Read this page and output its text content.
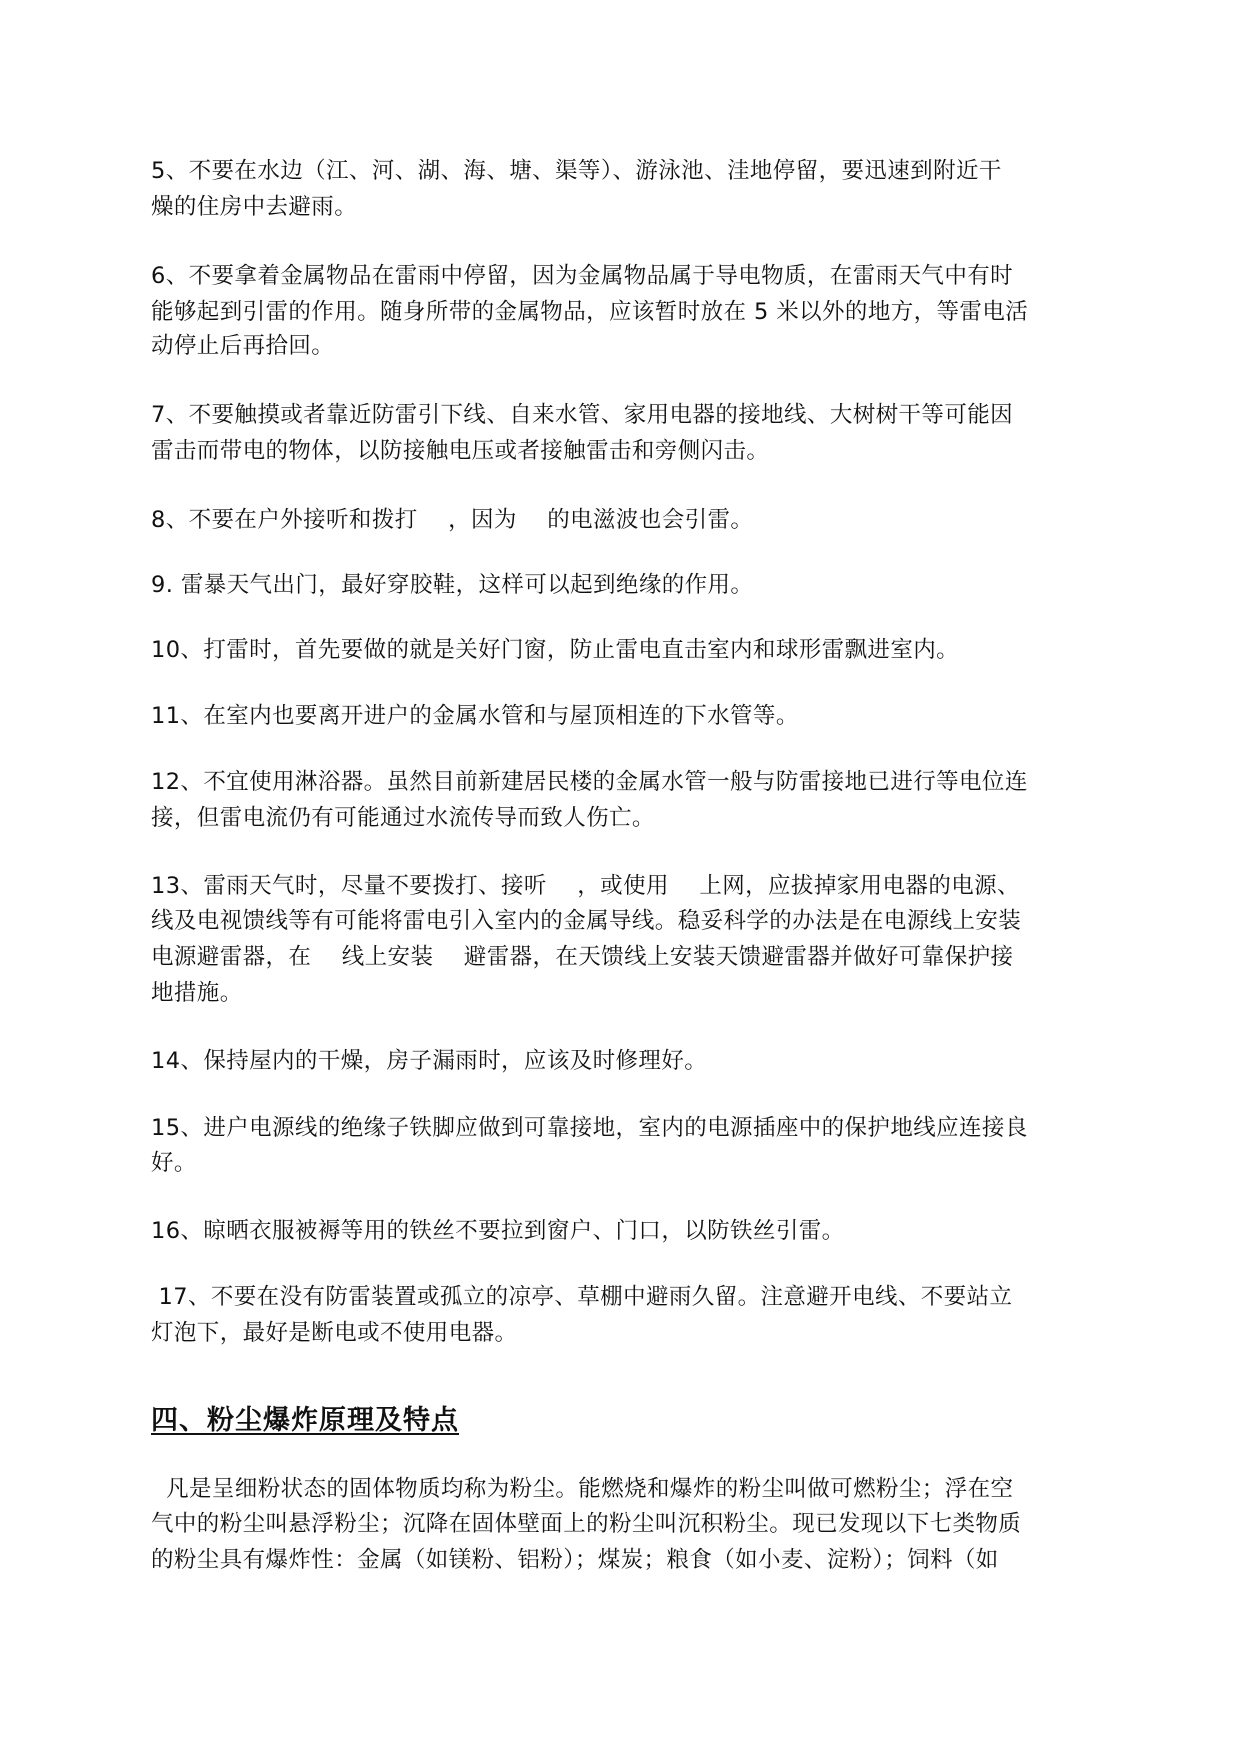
5、不要在水边（江、河、湖、海、塘、渠等）、游泳池、洼地停留，要迅速到附近干
燥的住房中去避雨。
6、不要拿着金属物品在雷雨中停留，因为金属物品属于导电物质，在雷雨天气中有时
能够起到引雷的作用。随身所带的金属物品，应该暂时放在 5 米以外的地方，等雷电活
动停止后再拾回。
7、不要触摸或者靠近防雷引下线、自来水管、家用电器的接地线、大树树干等可能因
雷击而带电的物体，以防接触电压或者接触雷击和旁侧闪击。
8、不要在户外接听和拨打　 ，因为　 的电滋波也会引雷。
9. 雷暴天气出门，最好穿胶鞋，这样可以起到绝缘的作用。
10、打雷时，首先要做的就是关好门窗，防止雷电直击室内和球形雷飘进室内。
11、在室内也要离开进户的金属水管和与屋顶相连的下水管等。
12、不宜使用淋浴器。虽然目前新建居民楼的金属水管一般与防雷接地已进行等电位连
接，但雷电流仍有可能通过水流传导而致人伤亡。
13、雷雨天气时，尽量不要拨打、接听　 ，或使用　 上网，应拔掉家用电器的电源、
线及电视馈线等有可能将雷电引入室内的金属导线。稳妥科学的办法是在电源线上安装
电源避雷器，在　 线上安装　 避雷器，在天馈线上安装天馈避雷器并做好可靠保护接
地措施。
14、保持屋内的干燥，房子漏雨时，应该及时修理好。
15、进户电源线的绝缘子铁脚应做到可靠接地，室内的电源插座中的保护地线应连接良
好。
16、晾晒衣服被褥等用的铁丝不要拉到窗户、门口，以防铁丝引雷。
17、不要在没有防雷装置或孤立的凉亭、草棚中避雨久留。注意避开电线、不要站立
灯泡下，最好是断电或不使用电器。
四、粉尘爆炸原理及特点
凡是呈细粉状态的固体物质均称为粉尘。能燃烧和爆炸的粉尘叫做可燃粉尘；浮在空
气中的粉尘叫悬浮粉尘；沉降在固体壁面上的粉尘叫沉积粉尘。现已发现以下七类物质
的粉尘具有爆炸性：金属（如镁粉、铝粉）；煤炭；粮食（如小麦、淀粉）；饲料（如
